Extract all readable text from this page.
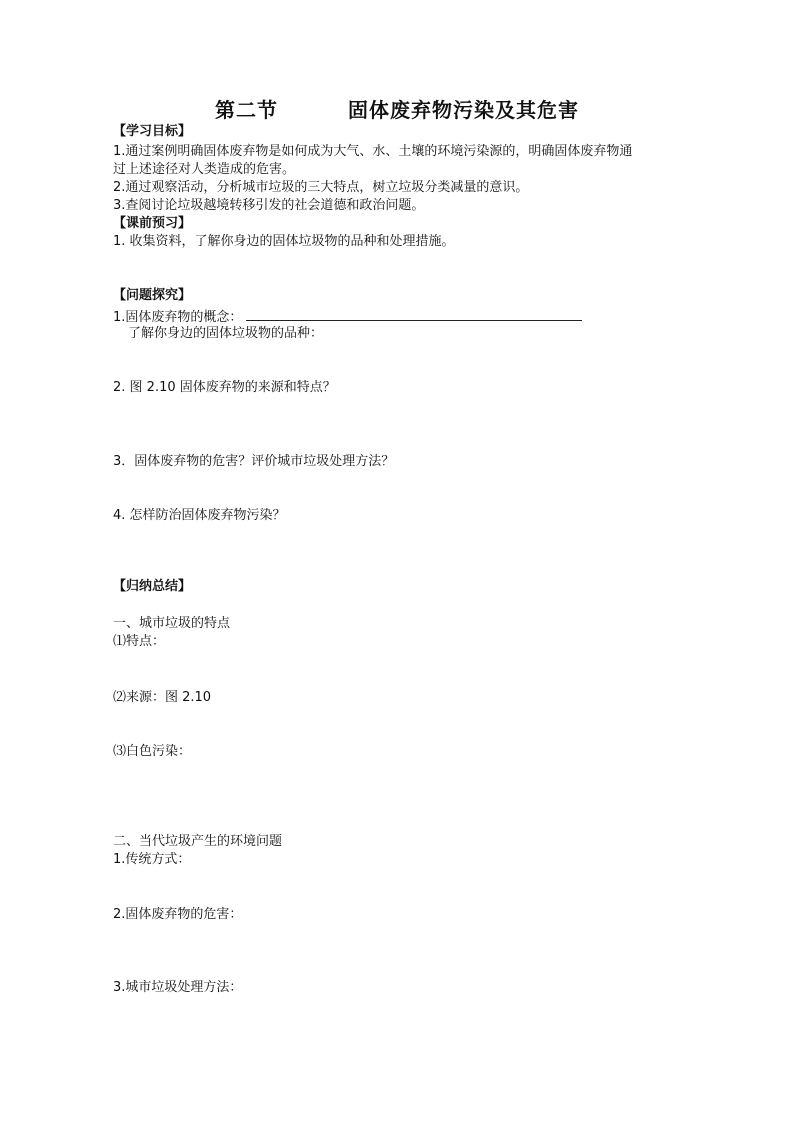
第二节	固体废弃物污染及其危害
【学习目标】
1.通过案例明确固体废弃物是如何成为大气、水、土壤的环境污染源的，明确固体废弃物通
过上述途径对人类造成的危害。
2.通过观察活动，分析城市垃圾的三大特点，树立垃圾分类减量的意识。
3.查阅讨论垃圾越境转移引发的社会道德和政治问题。
【课前预习】
1. 收集资料，了解你身边的固体垃圾物的品种和处理措施。
【问题探究】
1.固体废弃物的概念：
了解你身边的固体垃圾物的品种：
2. 图 2.10 固体废弃物的来源和特点？
3．固体废弃物的危害？评价城市垃圾处理方法？
4. 怎样防治固体废弃物污染？
【归纳总结】
一、城市垃圾的特点
⑴特点：
⑵来源：图 2.10
⑶白色污染：
二、当代垃圾产生的环境问题
1.传统方式：
2.固体废弃物的危害：
3.城市垃圾处理方法：
